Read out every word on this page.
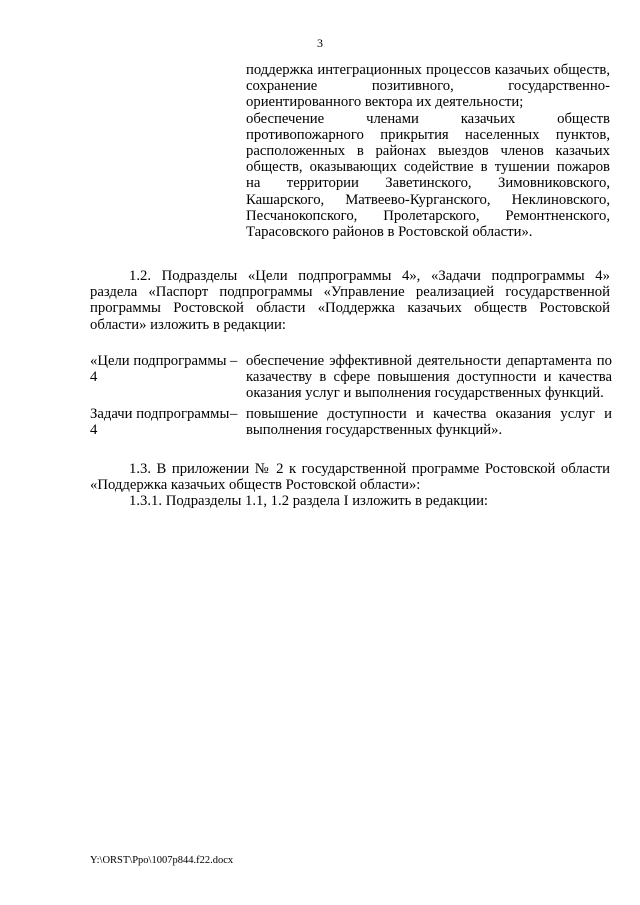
3

поддержка интеграционных процессов казачьих обществ,

сохранение позитивного, государственно-

ориентированного вектора их деятельности;

обеспечение членами казачьих обществ

противопожарного прикрытия населенных пунктов,

расположенных в районах выездов членов казачьих

обществ, оказывающих содействие в тушении пожаров

на территории Заветинского, Зимовниковского,

Кашарского, Матвеево-Курганского, Неклиновского,

Песчанокопского, Пролетарского, Ремонтненского,

Тарасовского районов в Ростовской области».

1.2. Подразделы «Цели подпрограммы 4», «Задачи подпрограммы 4» раздела «Паспорт подпрограммы «Управление реализацией государственной программы Ростовской области «Поддержка казачьих обществ Ростовской области» изложить в редакции:

«Цели подпрограммы 4
– обеспечение эффективной деятельности департамента по казачеству в сфере повышения доступности и качества оказания услуг и выполнения государственных функций.
Задачи подпрограммы 4
– повышение доступности и качества оказания услуг и выполнения государственных функций».

1.3. В приложении № 2 к государственной программе Ростовской области «Поддержка казачьих обществ Ростовской области»:

1.3.1. Подразделы 1.1, 1.2 раздела I изложить в редакции:

Y:\ORST\Ppo\1007p844.f22.docx
